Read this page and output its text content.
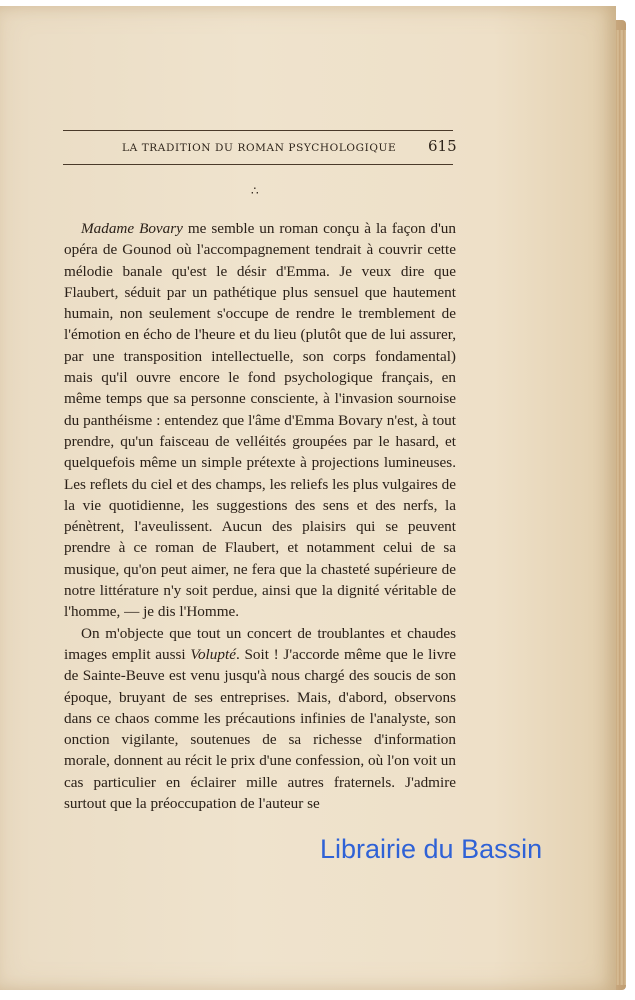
LA TRADITION DU ROMAN PSYCHOLOGIQUE 615
∴

Madame Bovary me semble un roman conçu à la façon d'un opéra de Gounod où l'accompagnement tendrait à couvrir cette mélodie banale qu'est le désir d'Emma. Je veux dire que Flaubert, séduit par un pathétique plus sensuel que hautement humain, non seulement s'occupe de rendre le tremblement de l'émotion en écho de l'heure et du lieu (plutôt que de lui assurer, par une transposition intellectuelle, son corps fondamental) mais qu'il ouvre encore le fond psychologique français, en même temps que sa personne consciente, à l'invasion sournoise du panthéisme : entendez que l'âme d'Emma Bovary n'est, à tout prendre, qu'un faisceau de velléités groupées par le hasard, et quelquefois même un simple prétexte à projections lumineuses. Les reflets du ciel et des champs, les reliefs les plus vulgaires de la vie quotidienne, les suggestions des sens et des nerfs, la pénètrent, l'aveulissent. Aucun des plaisirs qui se peuvent prendre à ce roman de Flaubert, et notamment celui de sa musique, qu'on peut aimer, ne fera que la chasteté supérieure de notre littérature n'y soit perdue, ainsi que la dignité véritable de l'homme, — je dis l'Homme.

On m'objecte que tout un concert de troublantes et chaudes images emplit aussi Volupté. Soit ! J'accorde même que le livre de Sainte-Beuve est venu jusqu'à nous chargé des soucis de son époque, bruyant de ses entreprises. Mais, d'abord, observons dans ce chaos comme les précautions infinies de l'analyste, son onction vigilante, soutenues de sa richesse d'information morale, donnent au récit le prix d'une confession, où l'on voit un cas particulier en éclairer mille autres fraternels. J'admire surtout que la préoccupation de l'auteur se

Librairie du Bassin
